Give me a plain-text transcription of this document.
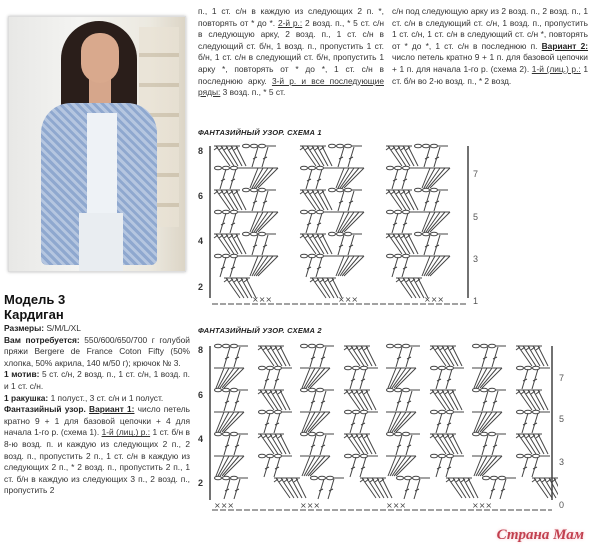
Модель 3
Кардиган
Размеры: S/M/L/XL
Вам потребуется: 550/600/650/700 г голубой пряжи Bergere de France Coton Fifty (50% хлопка, 50% акрила, 140 м/50 г); крючок № 3.
1 мотив: 5 ст. с/н, 2 возд. п., 1 ст. с/н, 1 возд. п. и 1 ст. с/н.
1 ракушка: 1 полуст., 3 ст. с/н и 1 полуст.
Фантазийный узор. Вариант 1: число петель кратно 9 + 1 для базовой цепочки + 4 для начала 1-го р. (схема 1). 1-й (лиц.) р.: 1 ст. б/н в 8-ю возд. п. и каждую из следующих 2 п., 2 возд. п., пропустить 2 п., 1 ст. с/н в каждую из следующих 2 п., * 2 возд. п., пропустить 2 п., 1 ст. б/н в каждую из следующих 3 п., 2 возд. п., пропустить 2
п., 1 ст. с/н в каждую из следующих 2 п. *, повторять от * до *. 2-й р.: 2 возд. п., * 5 ст. с/н в следующую арку, 2 возд. п., 1 ст. с/н в следующий ст. б/н, 1 возд. п., пропустить 1 ст. б/н, 1 ст. с/н в следующий ст. б/н, пропустить 1 арку *, повторять от * до *, 1 ст. с/н в последнюю арку. 3-й р. и все последующие ряды: 3 возд. п., * 5 ст.
с/н под следующую арку из 2 возд. п., 2 возд. п., 1 ст. с/н в следующий ст. с/н, 1 возд. п., пропустить 1 ст. с/н, 1 ст. с/н в следующий ст. с/н *, повторять от * до *, 1 ст. с/н в последнюю п. Вариант 2: число петель кратно 9 + 1 п. для базовой цепочки + 1 п. для начала 1-го р. (схема 2). 1-й (лиц.) р.: 1 ст. б/н во 2-ю возд. п., * 2 возд.
ФАНТАЗИЙНЫЙ УЗОР. СХЕМА 1
8
6
4
2
7
5
3
1
×××	×××	×××
ФАНТАЗИЙНЫЙ УЗОР. СХЕМА 2
8
6
4
2
7
5
3
0
×××	×××	×××	×××
Страна Мам
